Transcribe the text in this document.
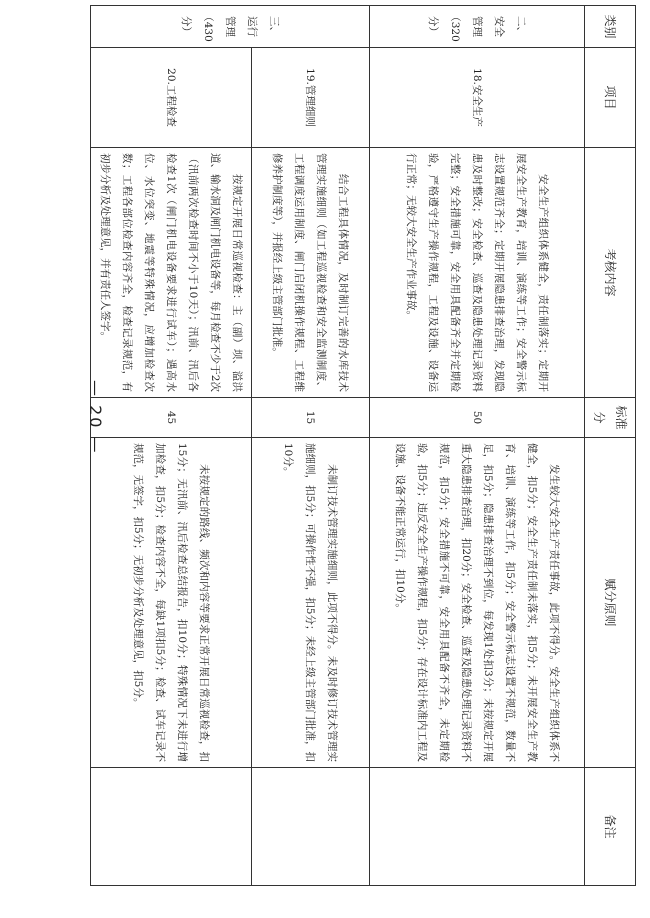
类别	项目	考核内容	标准分	赋分原则	备注
二、安全管理（320分）	18.安全生产	安全生产组织体系健全，责任制落实；定期开展安全生产教育，培训、演练等工作；安全警示标志设置规范齐全；定期开展隐患排查治理，发现隐患及时整改；安全检查、巡查及隐患处理记录资料完整；安全措施可靠，安全用具配备齐全并定期检验，严格遵守生产操作规程，工程及设施、设备运行正常；无较大安全生产作业事故。	50	发生较大安全生产责任事故，此项不得分。安全生产组织体系不健全，扣5分；安全生产责任制未落实，扣5分；未开展安全生产教育、培训、演练等工作，扣5分；安全警示标志设置不规范，数量不足，扣5分；隐患排查治理不到位，每发现1处扣3分；未按规定开展重大隐患排查治理，扣20分；安全检查、巡查及隐患处理记录资料不规范，扣5分；安全措施不可靠，安全用具配备不齐全，未定期检验，扣5分；违反安全生产操作规程，扣5分；存在设计标准内工程及设施、设备不能正常运行，扣10分。	
三、运行管理（430分）	19.管理细则	结合工程具体情况，及时制订完善的水库技术管理实施细则（如工程巡视检查和安全监测制度、工程调度运用制度、闸门启闭机操作规程、工程维修养护制度等），并报经上级主管部门批准。	15	未制订技术管理实施细则，此项不得分。未及时修订技术管理实施细则，扣5分；可操作性不强，扣5分；未经上级主管部门批准，扣10分。	
	20.工程检查	按规定开展日常巡视检查：主（副）坝、溢洪道、输水洞及闸门机电设备等，每月检查不少于2次（汛前两次检查时间不小于10天）；汛前、汛后各检查1次（闸门机电设备要求进行试车）；遇高水位、水位突变、地震等特殊情况，应增加检查次数；工程各部位检查内容齐全，检查记录规范，有初步分析及处理意见，并有责任人签字。	45	未按规定的路线、频次和内容等要求正常开展日常巡视检查，扣15分；无汛前、汛后检查总结报告，扣10分；特殊情况下未进行增加检查，扣5分；检查内容不全，每缺1项扣5分；检查、试车记录不规范，无签字，扣5分；无初步分析及处理意见，扣5分。	
— 20 —
